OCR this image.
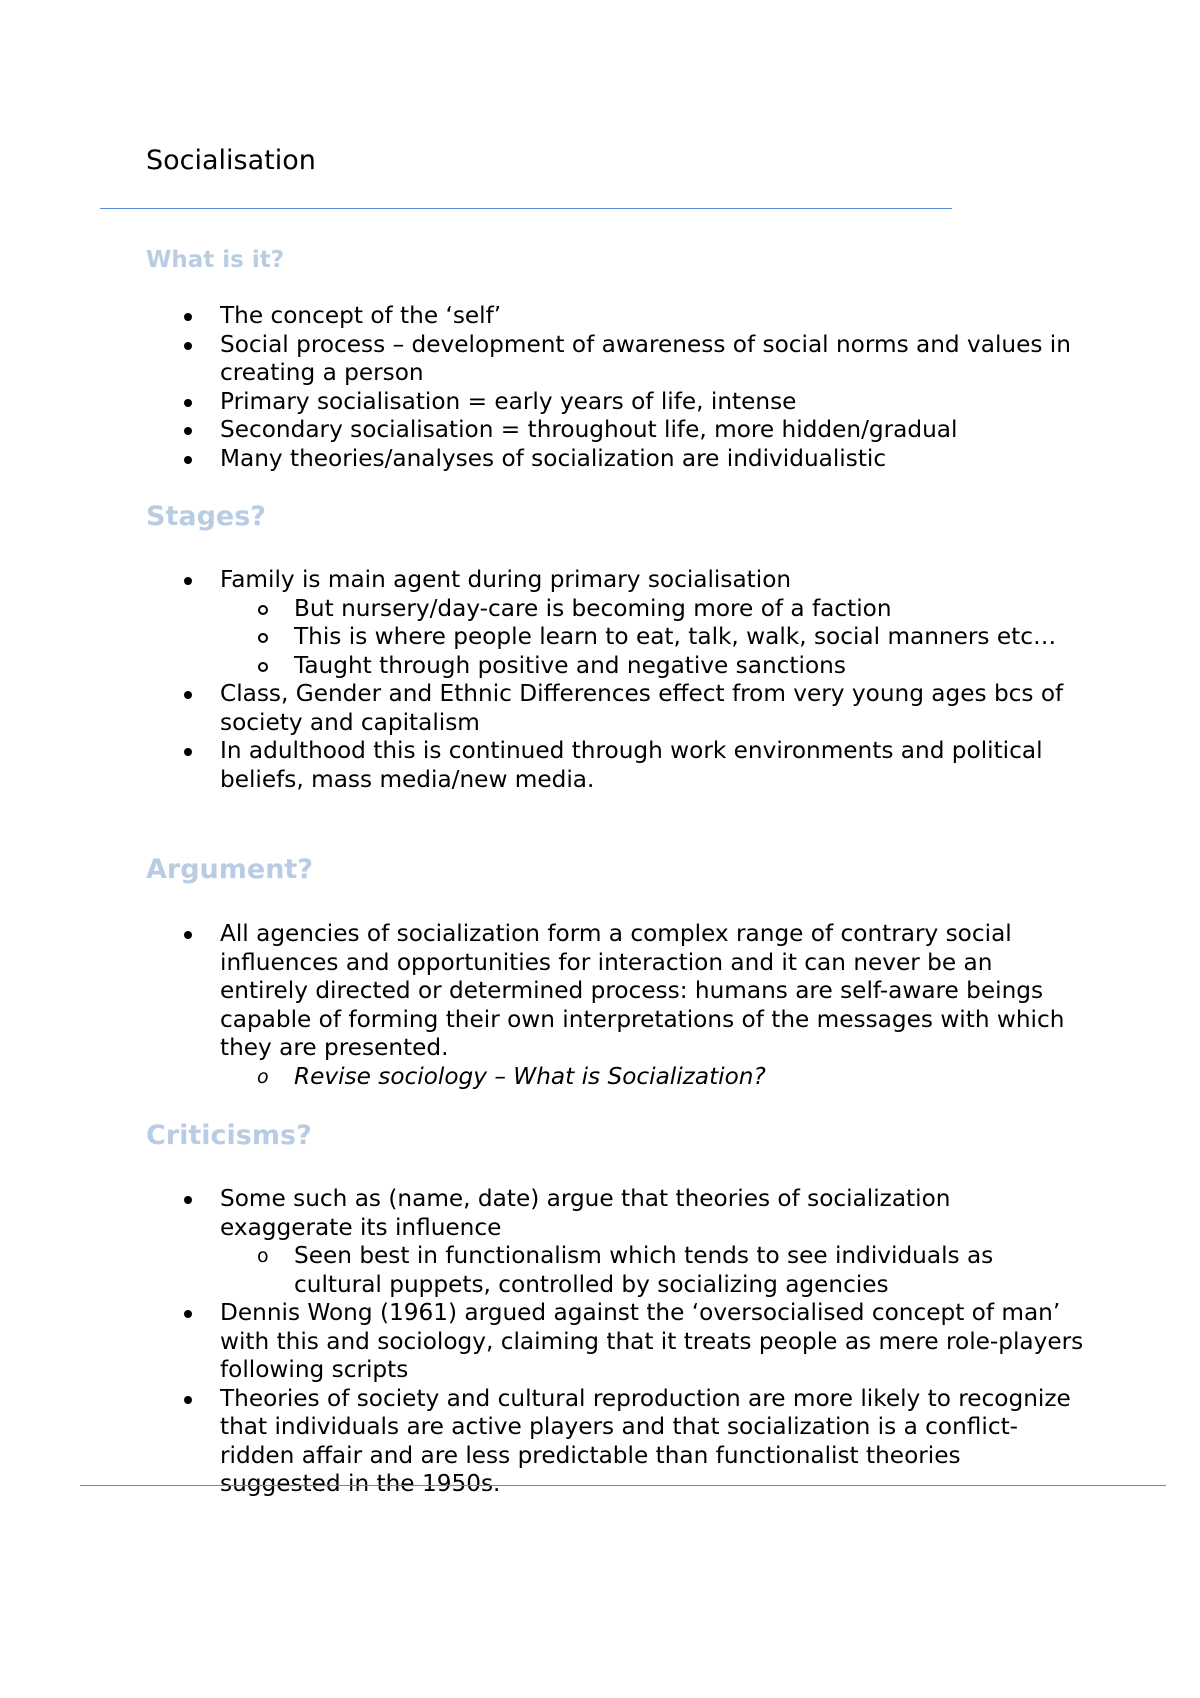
Socialisation
What is it?
The concept of the ‘self’
Social process – development of awareness of social norms and values in creating a person
Primary socialisation = early years of life, intense
Secondary socialisation = throughout life, more hidden/gradual
Many theories/analyses of socialization are individualistic
Stages?
Family is main agent during primary socialisation
But nursery/day-care is becoming more of a faction
This is where people learn to eat, talk, walk, social manners etc…
Taught through positive and negative sanctions
Class, Gender and Ethnic Differences effect from very young ages bcs of society and capitalism
In adulthood this is continued through work environments and political beliefs, mass media/new media.
Argument?
All agencies of socialization form a complex range of contrary social influences and opportunities for interaction and it can never be an entirely directed or determined process: humans are self-aware beings capable of forming their own interpretations of the messages with which they are presented.
o Revise sociology – What is Socialization?
Criticisms?
Some such as (name, date) argue that theories of socialization exaggerate its influence
o Seen best in functionalism which tends to see individuals as cultural puppets, controlled by socializing agencies
Dennis Wong (1961) argued against the ‘oversocialised concept of man’ with this and sociology, claiming that it treats people as mere role-players following scripts
Theories of society and cultural reproduction are more likely to recognize that individuals are active players and that socialization is a conflict-ridden affair and are less predictable than functionalist theories suggested in the 1950s.
